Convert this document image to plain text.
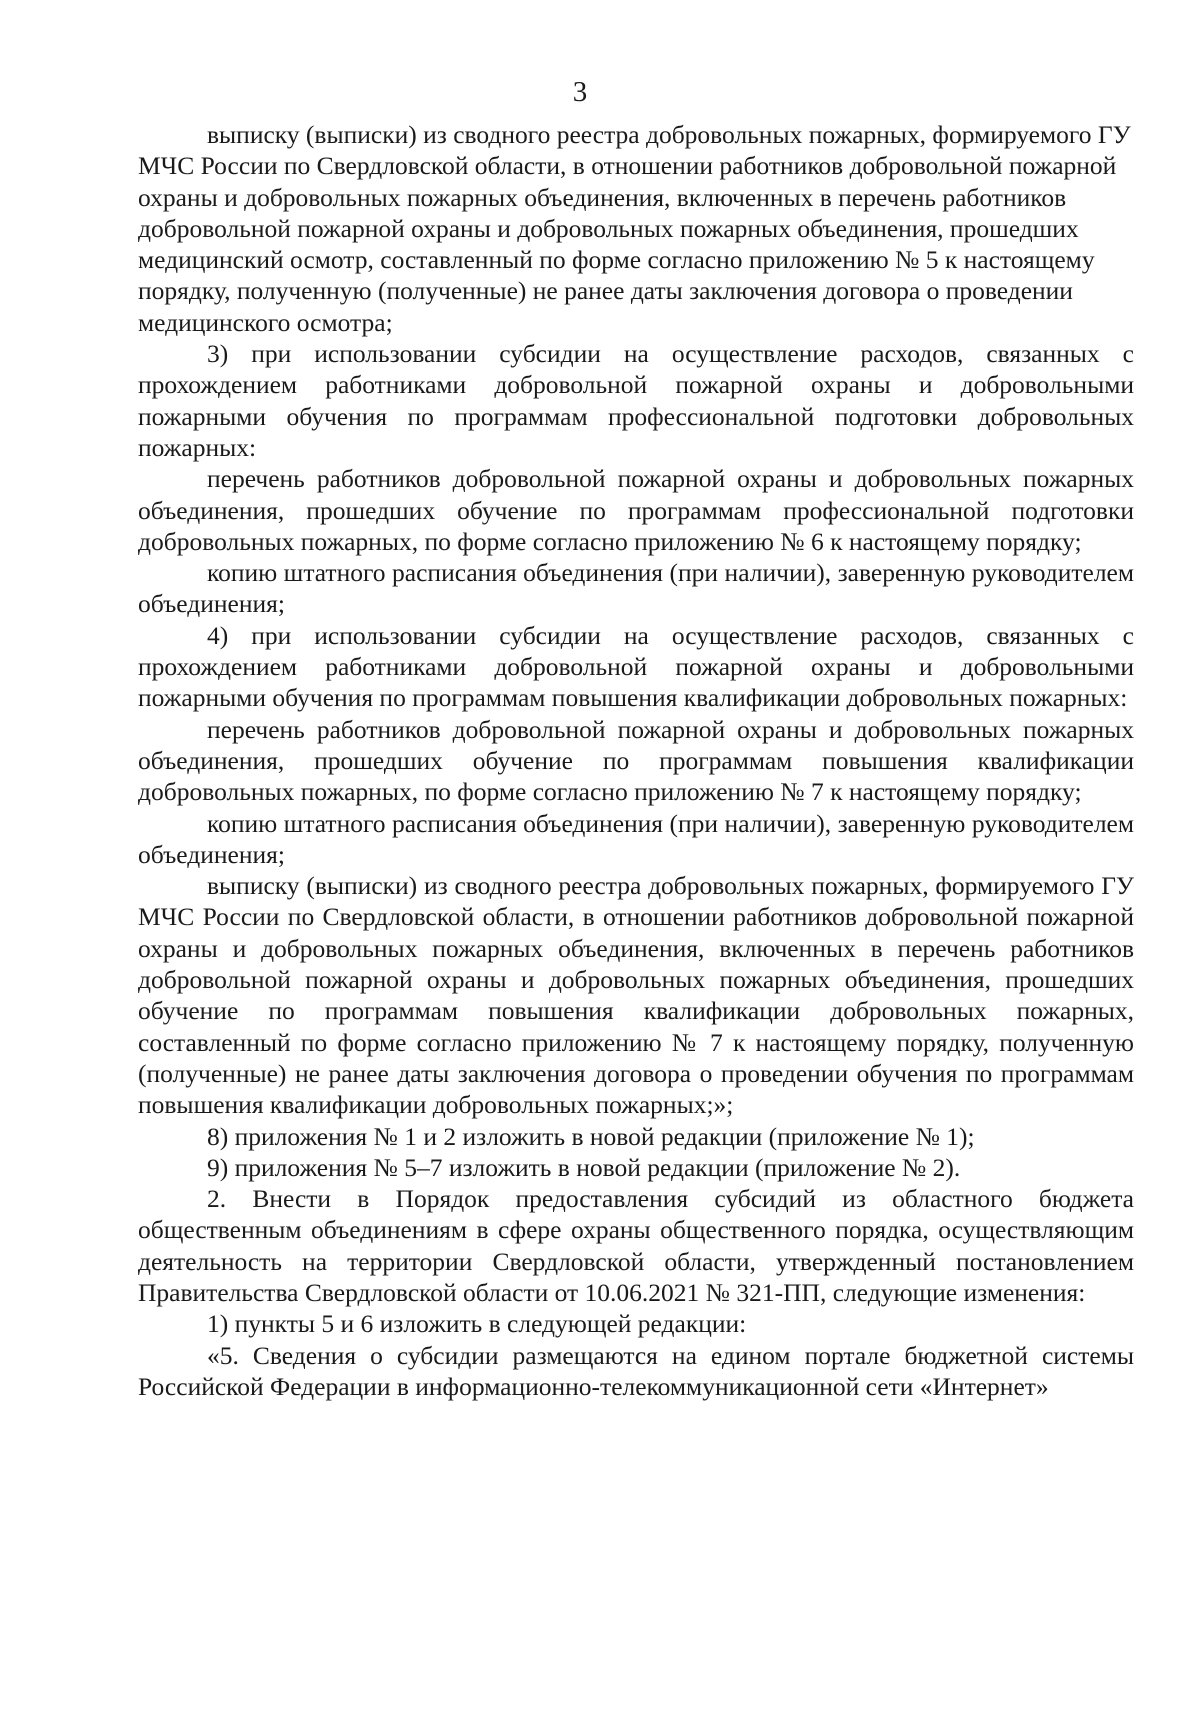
3

выписку (выписки) из сводного реестра добровольных пожарных, формируемого ГУ МЧС России по Свердловской области, в отношении работников добровольной пожарной охраны и добровольных пожарных объединения, включенных в перечень работников добровольной пожарной охраны и добровольных пожарных объединения, прошедших медицинский осмотр, составленный по форме согласно приложению № 5 к настоящему порядку, полученную (полученные) не ранее даты заключения договора о проведении медицинского осмотра;

3) при использовании субсидии на осуществление расходов, связанных с прохождением работниками добровольной пожарной охраны и добровольными пожарными обучения по программам профессиональной подготовки добровольных пожарных:

перечень работников добровольной пожарной охраны и добровольных пожарных объединения, прошедших обучение по программам профессиональной подготовки добровольных пожарных, по форме согласно приложению № 6 к настоящему порядку;

копию штатного расписания объединения (при наличии), заверенную руководителем объединения;

4) при использовании субсидии на осуществление расходов, связанных с прохождением работниками добровольной пожарной охраны и добровольными пожарными обучения по программам повышения квалификации добровольных пожарных:

перечень работников добровольной пожарной охраны и добровольных пожарных объединения, прошедших обучение по программам повышения квалификации добровольных пожарных, по форме согласно приложению № 7 к настоящему порядку;

копию штатного расписания объединения (при наличии), заверенную руководителем объединения;

выписку (выписки) из сводного реестра добровольных пожарных, формируемого ГУ МЧС России по Свердловской области, в отношении работников добровольной пожарной охраны и добровольных пожарных объединения, включенных в перечень работников добровольной пожарной охраны и добровольных пожарных объединения, прошедших обучение по программам повышения квалификации добровольных пожарных, составленный по форме согласно приложению № 7 к настоящему порядку, полученную (полученные) не ранее даты заключения договора о проведении обучения по программам повышения квалификации добровольных пожарных;»;

8) приложения № 1 и 2 изложить в новой редакции (приложение № 1);

9) приложения № 5–7 изложить в новой редакции (приложение № 2).

2. Внести в Порядок предоставления субсидий из областного бюджета общественным объединениям в сфере охраны общественного порядка, осуществляющим деятельность на территории Свердловской области, утвержденный постановлением Правительства Свердловской области от 10.06.2021 № 321-ПП, следующие изменения:

1) пункты 5 и 6 изложить в следующей редакции:

«5. Сведения о субсидии размещаются на едином портале бюджетной системы Российской Федерации в информационно-телекоммуникационной сети «Интернет»
